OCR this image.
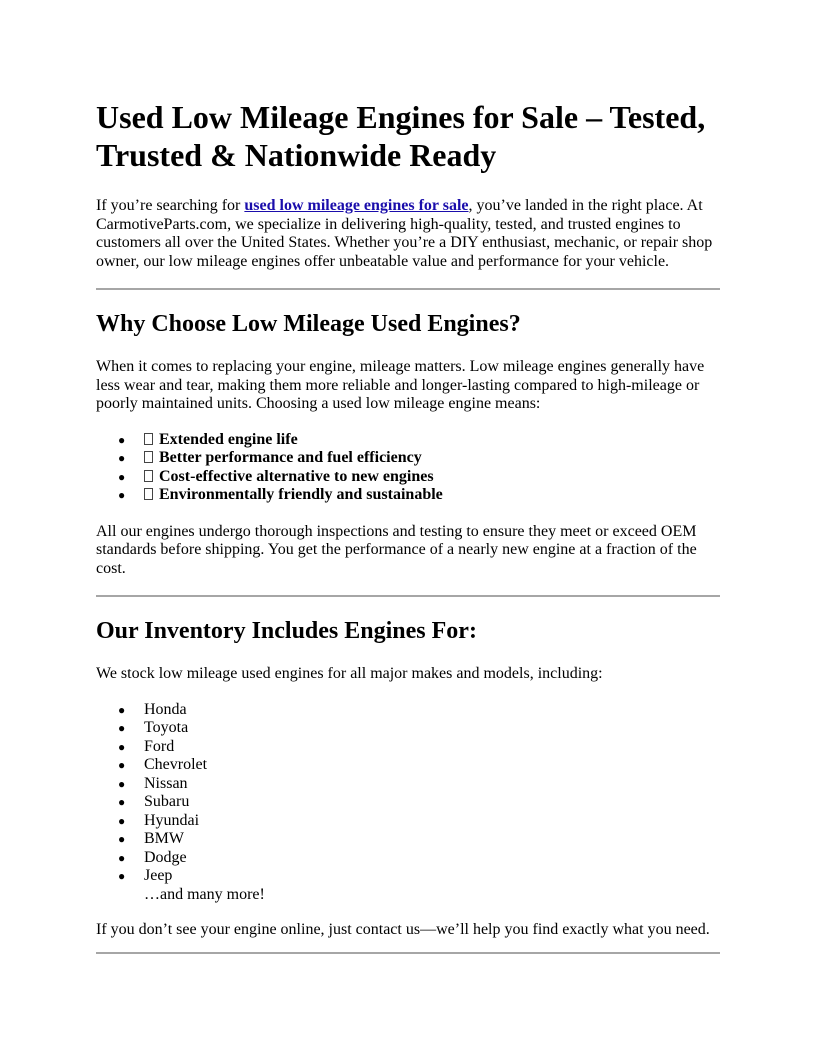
Used Low Mileage Engines for Sale – Tested, Trusted & Nationwide Ready

If you’re searching for used low mileage engines for sale, you’ve landed in the right place. At CarmotiveParts.com, we specialize in delivering high-quality, tested, and trusted engines to customers all over the United States. Whether you’re a DIY enthusiast, mechanic, or repair shop owner, our low mileage engines offer unbeatable value and performance for your vehicle.

Why Choose Low Mileage Used Engines?

When it comes to replacing your engine, mileage matters. Low mileage engines generally have less wear and tear, making them more reliable and longer-lasting compared to high-mileage or poorly maintained units. Choosing a used low mileage engine means:

● Extended engine life
● Better performance and fuel efficiency
● Cost-effective alternative to new engines
● Environmentally friendly and sustainable

All our engines undergo thorough inspections and testing to ensure they meet or exceed OEM standards before shipping. You get the performance of a nearly new engine at a fraction of the cost.

Our Inventory Includes Engines For:

We stock low mileage used engines for all major makes and models, including:

● Honda
● Toyota
● Ford
● Chevrolet
● Nissan
● Subaru
● Hyundai
● BMW
● Dodge
● Jeep
…and many more!

If you don’t see your engine online, just contact us—we’ll help you find exactly what you need.
